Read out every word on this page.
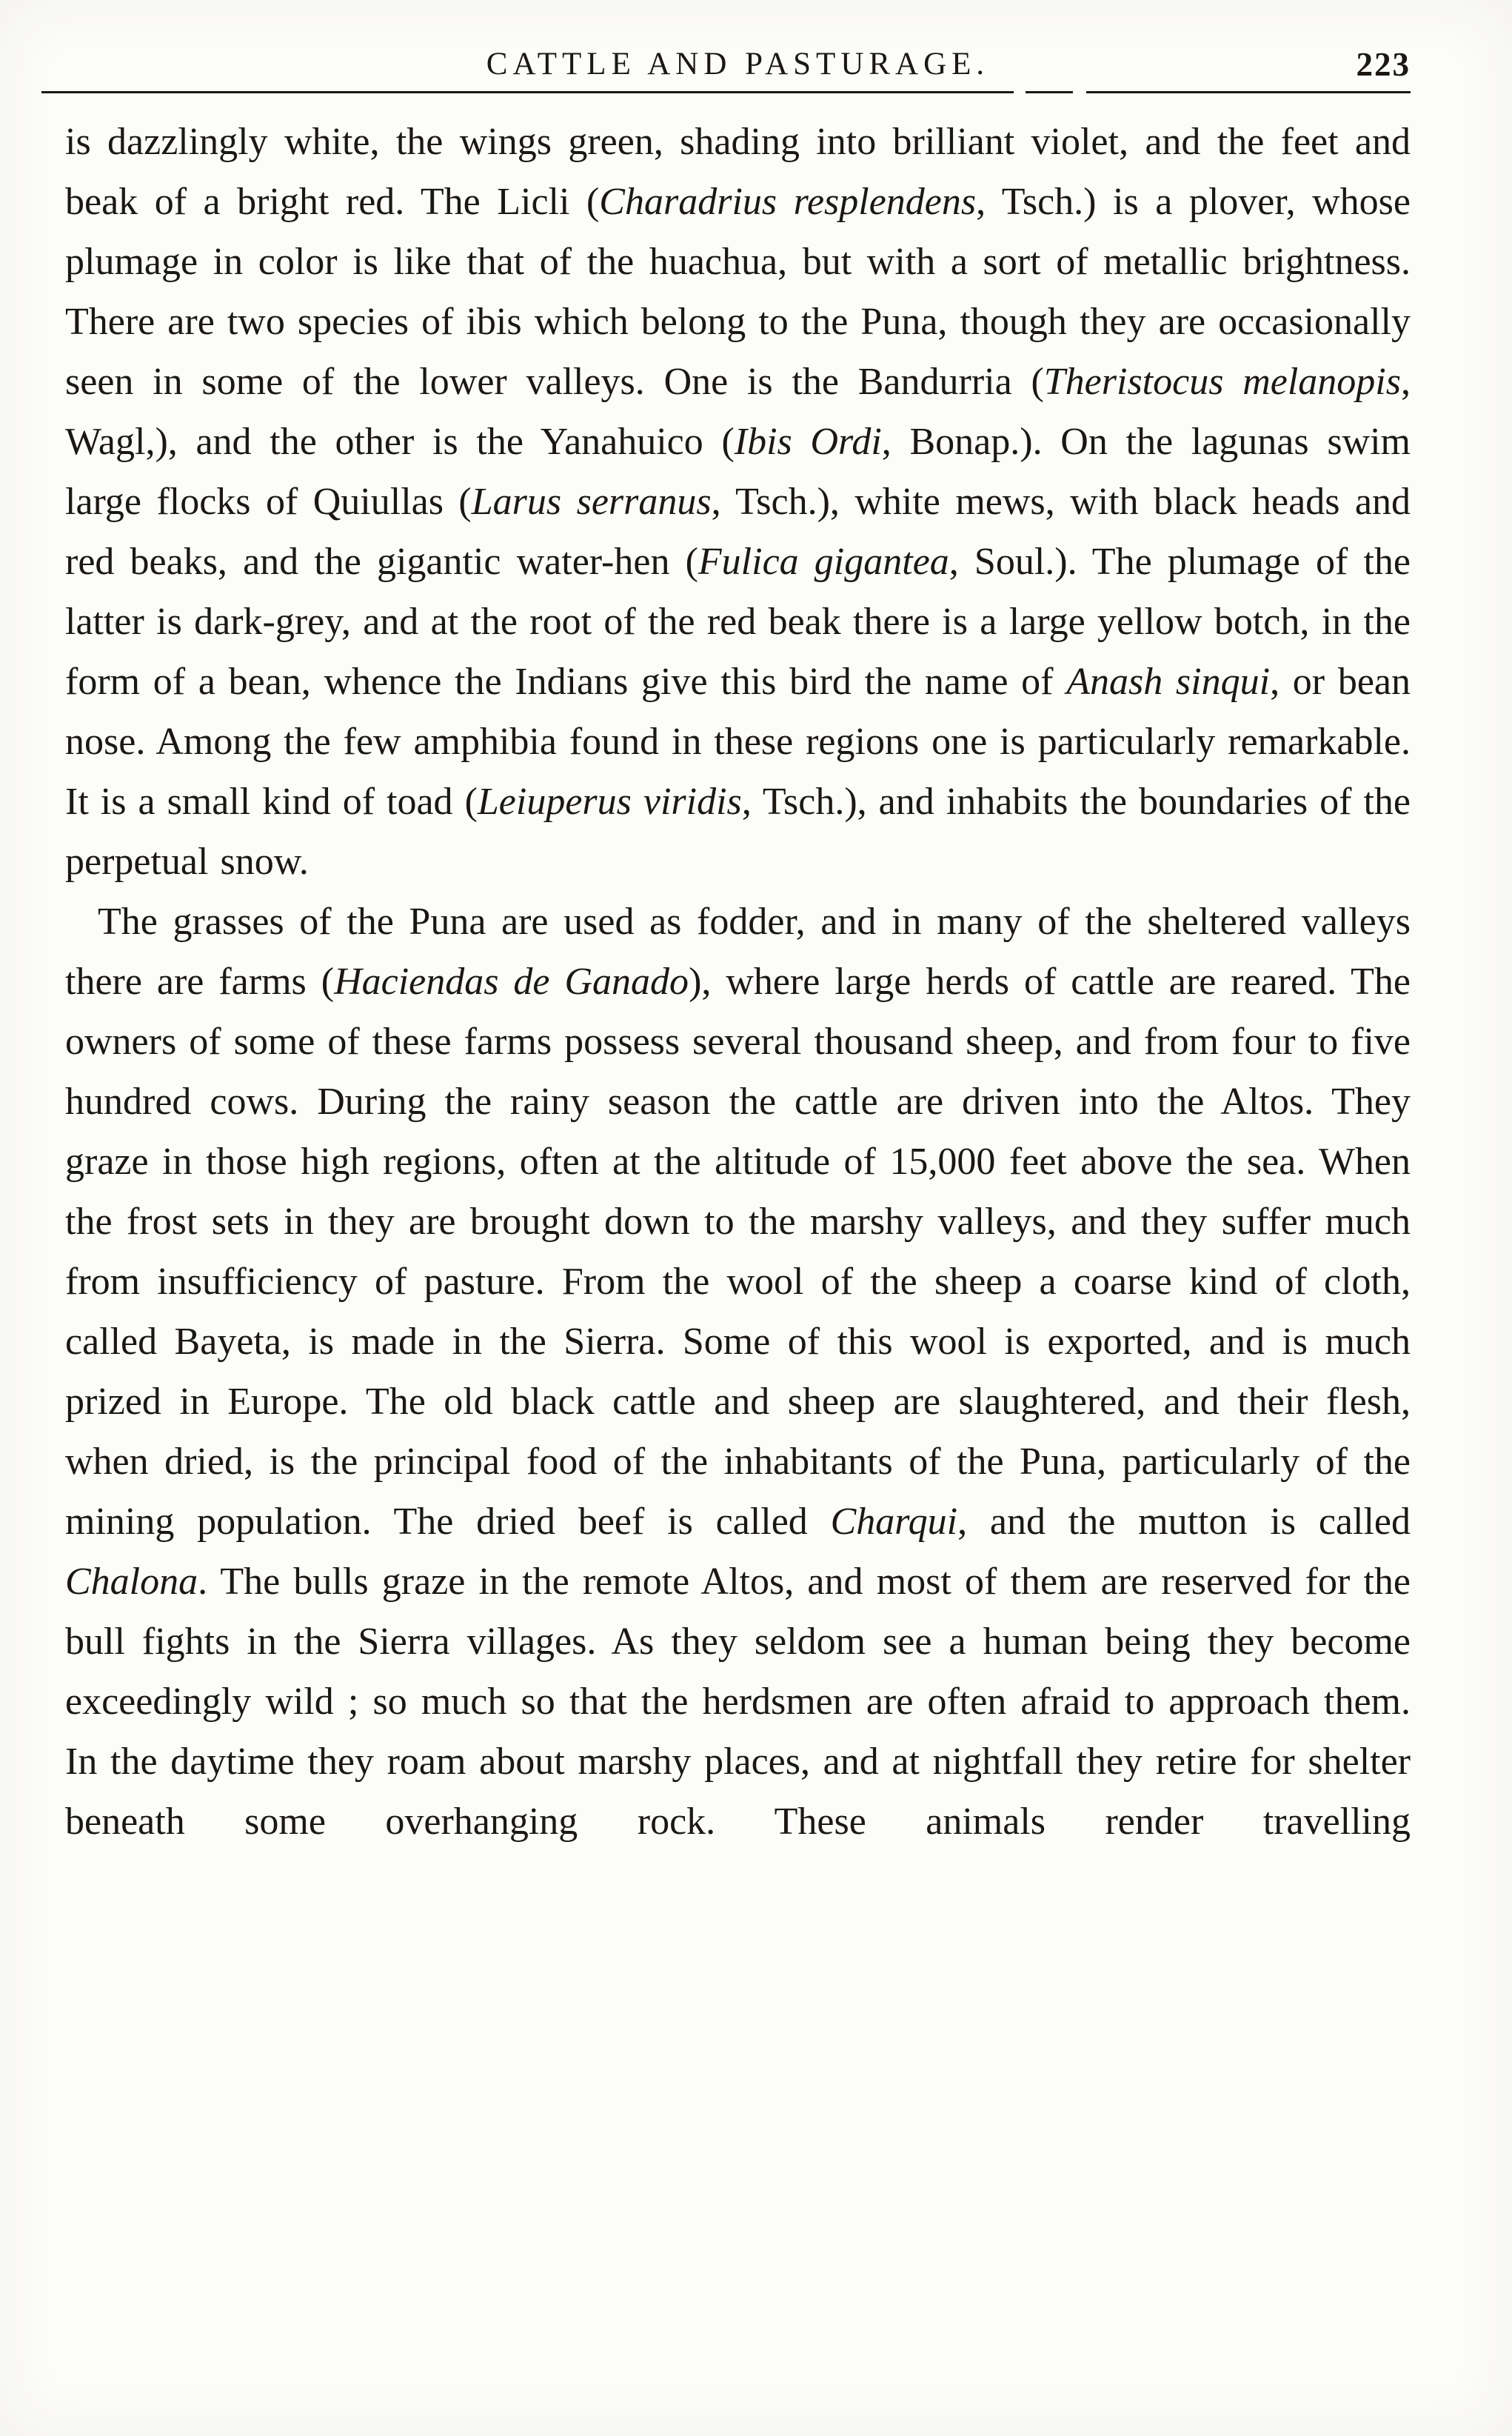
CATTLE AND PASTURAGE.	223

is dazzlingly white, the wings green, shading into brilliant violet, and the feet and beak of a bright red. The Licli (Charadrius resplendens, Tsch.) is a plover, whose plumage in color is like that of the huachua, but with a sort of metallic brightness. There are two species of ibis which belong to the Puna, though they are occasionally seen in some of the lower valleys. One is the Bandurria (Theristocus melanopis, Wagl,), and the other is the Yanahuico (Ibis Ordi, Bonap.). On the lagunas swim large flocks of Quiullas (Larus serranus, Tsch.), white mews, with black heads and red beaks, and the gigantic water-hen (Fulica gigantea, Soul.). The plumage of the latter is dark-grey, and at the root of the red beak there is a large yellow botch, in the form of a bean, whence the Indians give this bird the name of Anash sinqui, or bean nose. Among the few amphibia found in these regions one is particularly remarkable. It is a small kind of toad (Leiuperus viridis, Tsch.), and inhabits the boundaries of the perpetual snow.

The grasses of the Puna are used as fodder, and in many of the sheltered valleys there are farms (Haciendas de Ganado), where large herds of cattle are reared. The owners of some of these farms possess several thousand sheep, and from four to five hundred cows. During the rainy season the cattle are driven into the Altos. They graze in those high regions, often at the altitude of 15,000 feet above the sea. When the frost sets in they are brought down to the marshy valleys, and they suffer much from insufficiency of pasture. From the wool of the sheep a coarse kind of cloth, called Bayeta, is made in the Sierra. Some of this wool is exported, and is much prized in Europe. The old black cattle and sheep are slaughtered, and their flesh, when dried, is the principal food of the inhabitants of the Puna, particularly of the mining population. The dried beef is called Charqui, and the mutton is called Chalona. The bulls graze in the remote Altos, and most of them are reserved for the bull fights in the Sierra villages. As they seldom see a human being they become exceedingly wild ; so much so that the herdsmen are often afraid to approach them. In the daytime they roam about marshy places, and at nightfall they retire for shelter beneath some overhanging rock. These animals render travelling
